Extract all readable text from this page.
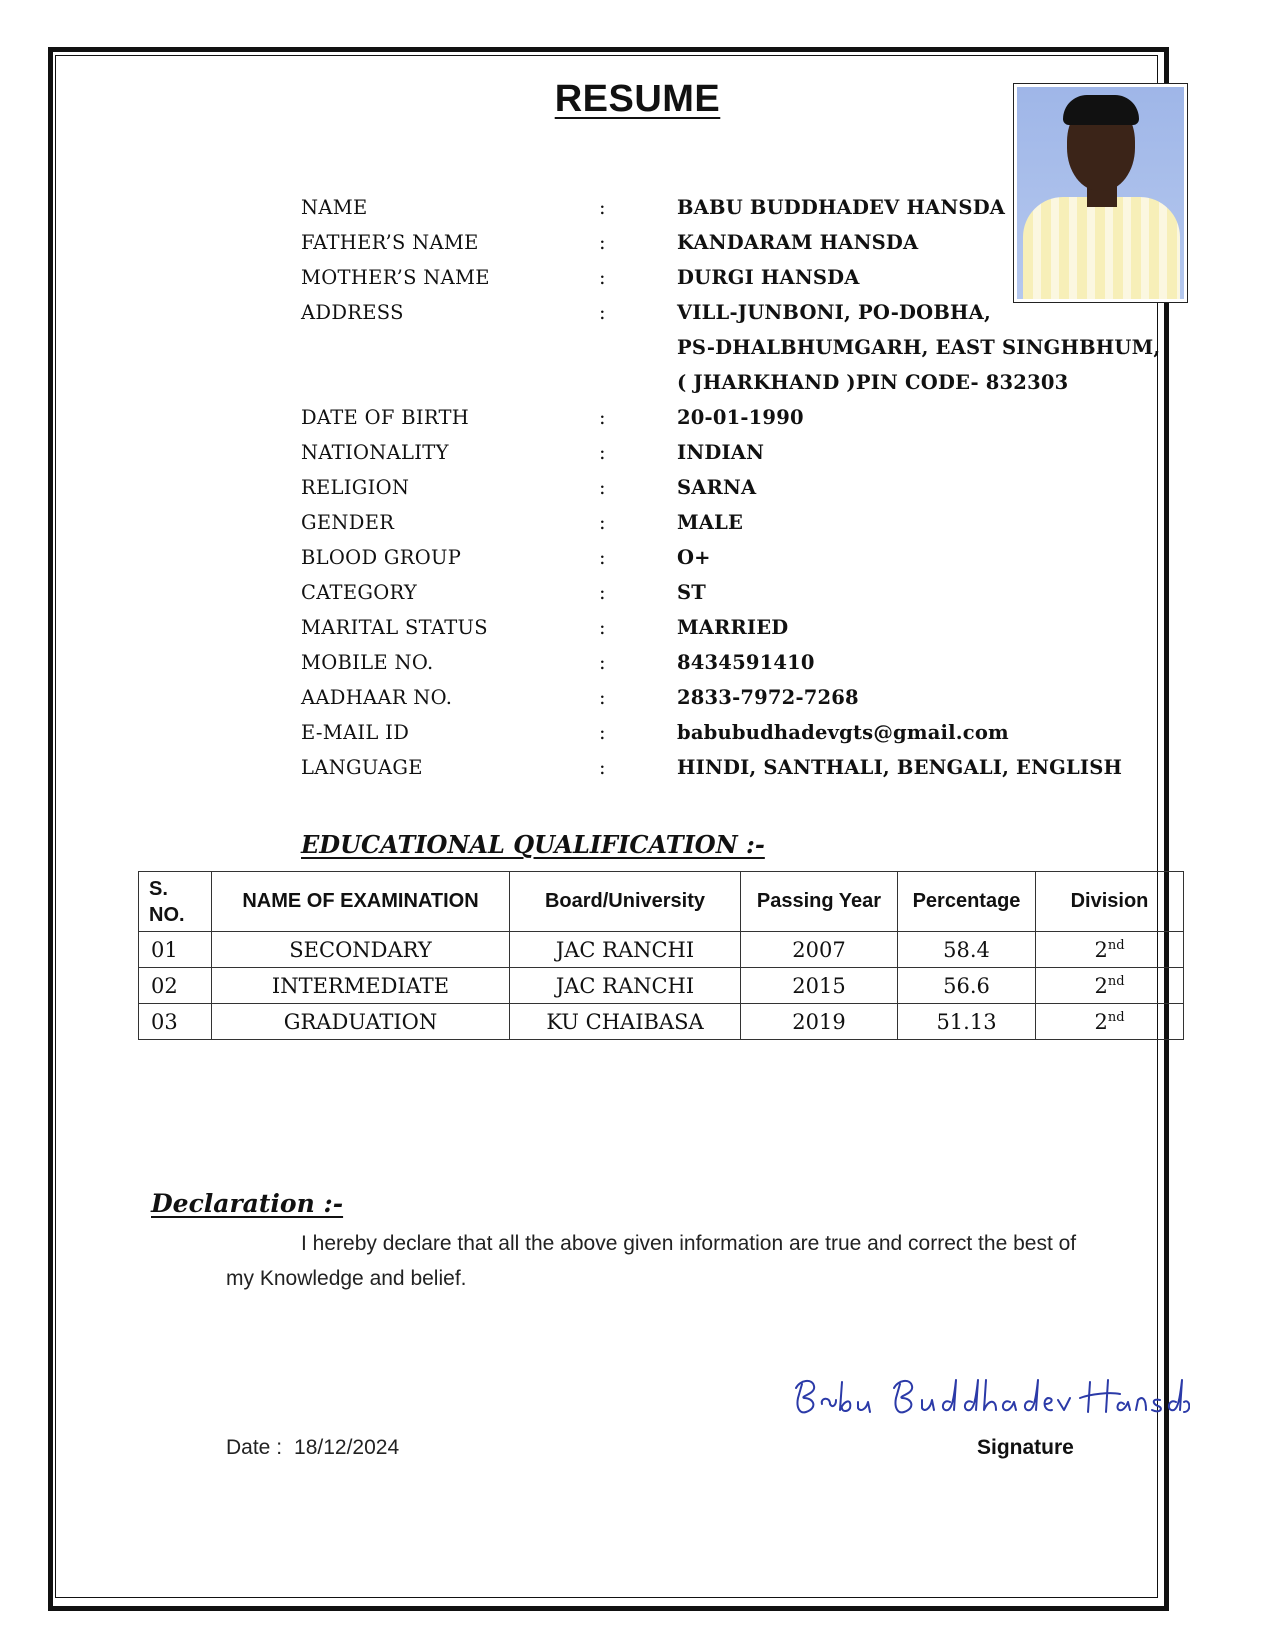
RESUME
NAME	:	BABU BUDDHADEV HANSDA
FATHER’S NAME	:	KANDARAM HANSDA
MOTHER’S NAME	:	DURGI HANSDA
ADDRESS	:	VILL-JUNBONI, PO-DOBHA,
PS-DHALBHUMGARH, EAST SINGHBHUM,
( JHARKHAND )PIN CODE- 832303
DATE OF BIRTH	:	20-01-1990
NATIONALITY	:	INDIAN
RELIGION	:	SARNA
GENDER	:	MALE
BLOOD GROUP	:	O+
CATEGORY	:	ST
MARITAL STATUS	:	MARRIED
MOBILE NO.	:	8434591410
AADHAAR NO.	:	2833-7972-7268
E-MAIL ID	:	babubudhadevgts@gmail.com
LANGUAGE	:	HINDI, SANTHALI, BENGALI, ENGLISH
EDUCATIONAL QUALIFICATION :-
S.
NO.	NAME OF EXAMINATION	Board/University	Passing Year	Percentage	Division
01	SECONDARY	JAC RANCHI	2007	58.4	2nd
02	INTERMEDIATE	JAC RANCHI	2015	56.6	2nd
03	GRADUATION	KU CHAIBASA	2019	51.13	2nd
Declaration :-
I hereby declare that all the above given information are true and correct the best of my Knowledge and belief.
Date : 18/12/2024	Signature
